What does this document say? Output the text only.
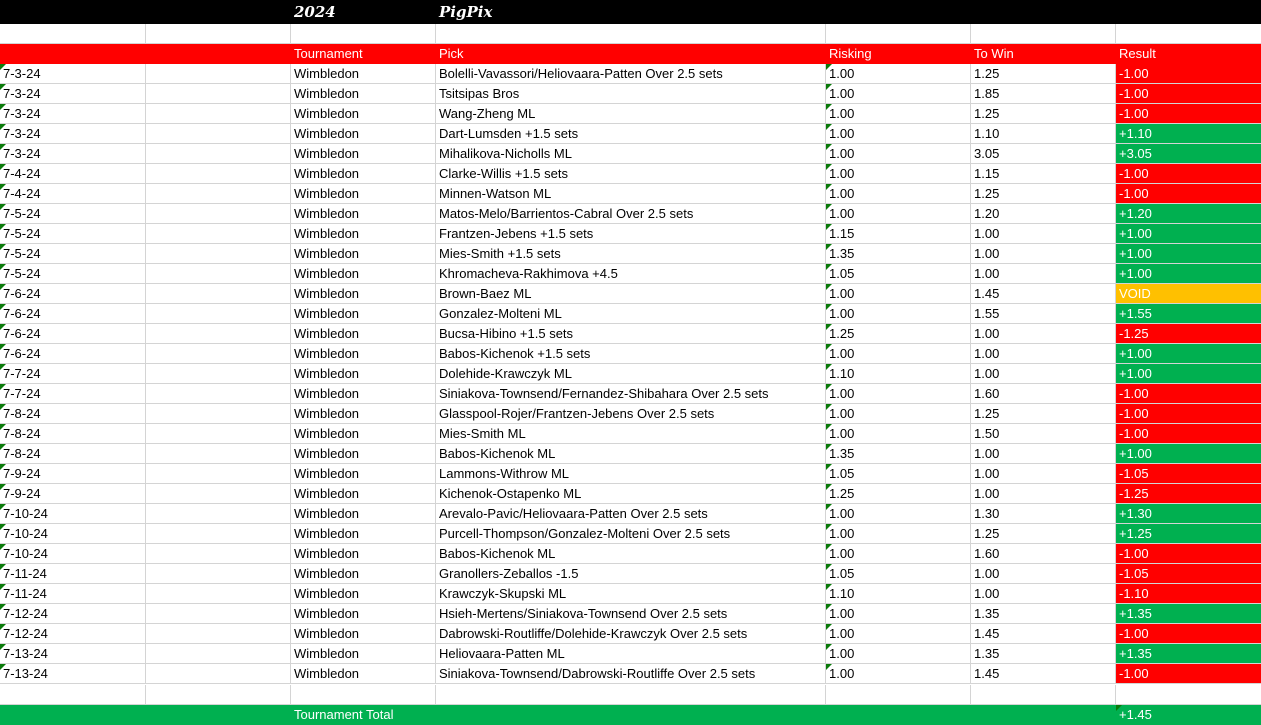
2024	PigPix
Tournament	Pick	Risking	To Win	Result
7-3-24	Wimbledon	Bolelli-Vavassori/Heliovaara-Patten Over 2.5 sets	1.00	1.25	-1.00
7-3-24	Wimbledon	Tsitsipas Bros	1.00	1.85	-1.00
7-3-24	Wimbledon	Wang-Zheng ML	1.00	1.25	-1.00
7-3-24	Wimbledon	Dart-Lumsden +1.5 sets	1.00	1.10	+1.10
7-3-24	Wimbledon	Mihalikova-Nicholls ML	1.00	3.05	+3.05
7-4-24	Wimbledon	Clarke-Willis +1.5 sets	1.00	1.15	-1.00
7-4-24	Wimbledon	Minnen-Watson ML	1.00	1.25	-1.00
7-5-24	Wimbledon	Matos-Melo/Barrientos-Cabral Over 2.5 sets	1.00	1.20	+1.20
7-5-24	Wimbledon	Frantzen-Jebens +1.5 sets	1.15	1.00	+1.00
7-5-24	Wimbledon	Mies-Smith +1.5 sets	1.35	1.00	+1.00
7-5-24	Wimbledon	Khromacheva-Rakhimova +4.5	1.05	1.00	+1.00
7-6-24	Wimbledon	Brown-Baez ML	1.00	1.45	VOID
7-6-24	Wimbledon	Gonzalez-Molteni ML	1.00	1.55	+1.55
7-6-24	Wimbledon	Bucsa-Hibino +1.5 sets	1.25	1.00	-1.25
7-6-24	Wimbledon	Babos-Kichenok +1.5 sets	1.00	1.00	+1.00
7-7-24	Wimbledon	Dolehide-Krawczyk ML	1.10	1.00	+1.00
7-7-24	Wimbledon	Siniakova-Townsend/Fernandez-Shibahara Over 2.5 sets	1.00	1.60	-1.00
7-8-24	Wimbledon	Glasspool-Rojer/Frantzen-Jebens Over 2.5 sets	1.00	1.25	-1.00
7-8-24	Wimbledon	Mies-Smith ML	1.00	1.50	-1.00
7-8-24	Wimbledon	Babos-Kichenok ML	1.35	1.00	+1.00
7-9-24	Wimbledon	Lammons-Withrow ML	1.05	1.00	-1.05
7-9-24	Wimbledon	Kichenok-Ostapenko ML	1.25	1.00	-1.25
7-10-24	Wimbledon	Arevalo-Pavic/Heliovaara-Patten Over 2.5 sets	1.00	1.30	+1.30
7-10-24	Wimbledon	Purcell-Thompson/Gonzalez-Molteni Over 2.5 sets	1.00	1.25	+1.25
7-10-24	Wimbledon	Babos-Kichenok ML	1.00	1.60	-1.00
7-11-24	Wimbledon	Granollers-Zeballos -1.5	1.05	1.00	-1.05
7-11-24	Wimbledon	Krawczyk-Skupski ML	1.10	1.00	-1.10
7-12-24	Wimbledon	Hsieh-Mertens/Siniakova-Townsend Over 2.5 sets	1.00	1.35	+1.35
7-12-24	Wimbledon	Dabrowski-Routliffe/Dolehide-Krawczyk Over 2.5 sets	1.00	1.45	-1.00
7-13-24	Wimbledon	Heliovaara-Patten ML	1.00	1.35	+1.35
7-13-24	Wimbledon	Siniakova-Townsend/Dabrowski-Routliffe Over 2.5 sets	1.00	1.45	-1.00
Tournament Total	+1.45
